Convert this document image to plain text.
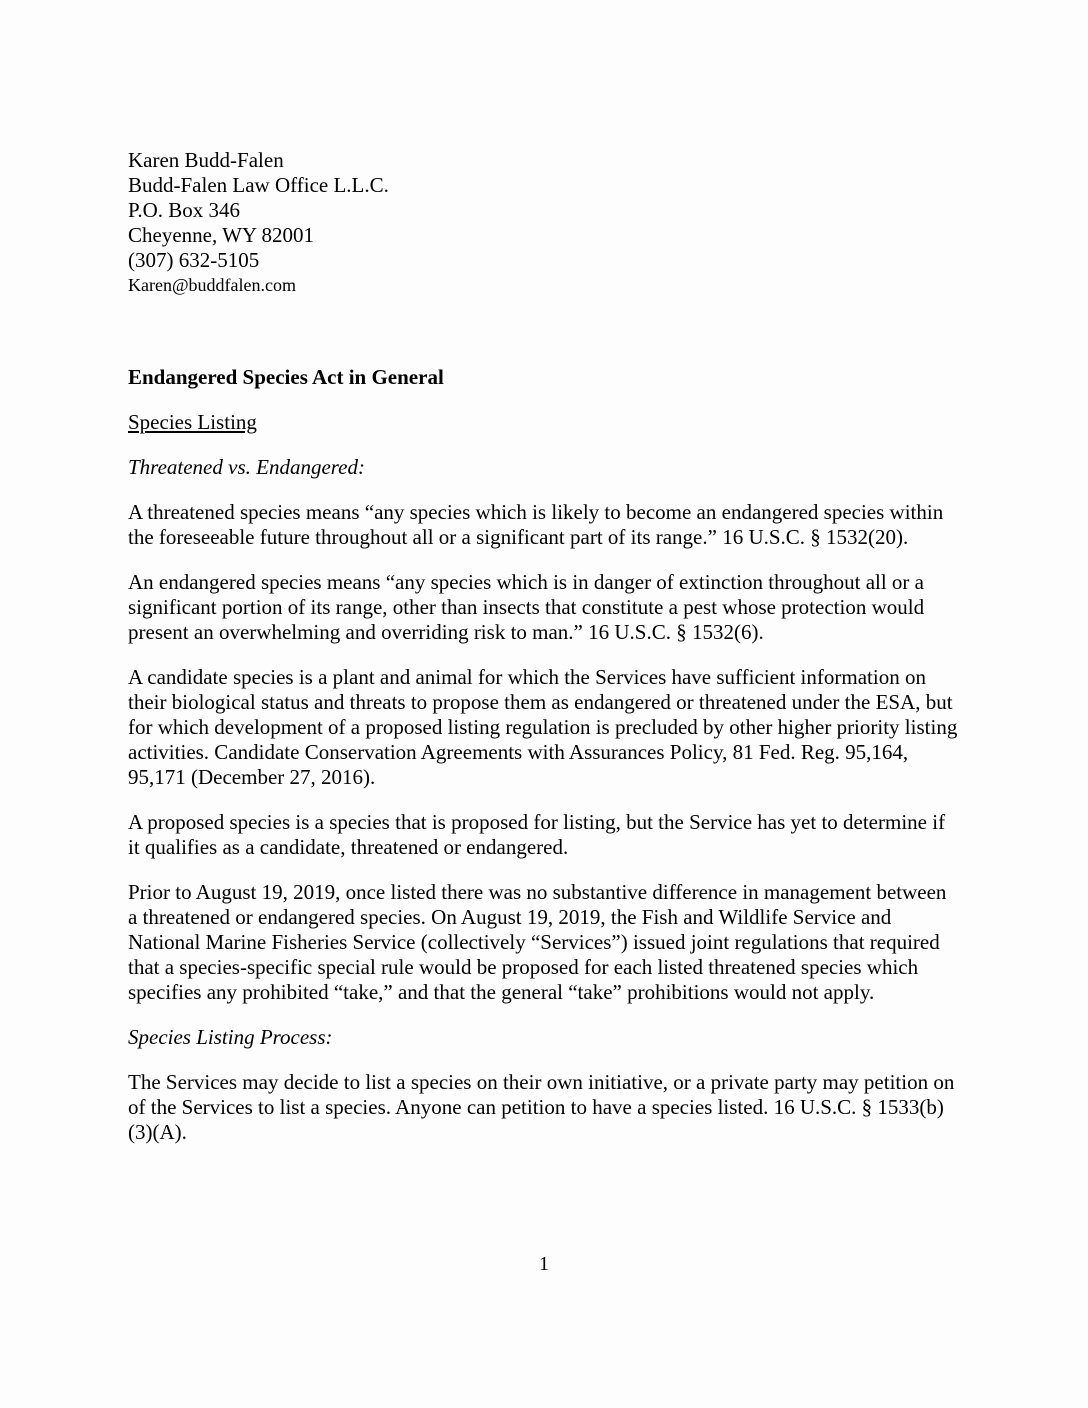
Karen Budd-Falen
Budd-Falen Law Office L.L.C.
P.O. Box 346
Cheyenne, WY 82001
(307) 632-5105
Karen@buddfalen.com
Endangered Species Act in General
Species Listing
Threatened vs. Endangered:

A threatened species means “any species which is likely to become an endangered species within the foreseeable future throughout all or a significant part of its range.” 16 U.S.C. § 1532(20).

An endangered species means “any species which is in danger of extinction throughout all or a significant portion of its range, other than insects that constitute a pest whose protection would present an overwhelming and overriding risk to man.” 16 U.S.C. § 1532(6).

A candidate species is a plant and animal for which the Services have sufficient information on their biological status and threats to propose them as endangered or threatened under the ESA, but for which development of a proposed listing regulation is precluded by other higher priority listing activities. Candidate Conservation Agreements with Assurances Policy, 81 Fed. Reg. 95,164, 95,171 (December 27, 2016).

A proposed species is a species that is proposed for listing, but the Service has yet to determine if it qualifies as a candidate, threatened or endangered.

Prior to August 19, 2019, once listed there was no substantive difference in management between a threatened or endangered species. On August 19, 2019, the Fish and Wildlife Service and National Marine Fisheries Service (collectively “Services”) issued joint regulations that required that a species-specific special rule would be proposed for each listed threatened species which specifies any prohibited “take,” and that the general “take” prohibitions would not apply.

Species Listing Process:

The Services may decide to list a species on their own initiative, or a private party may petition on of the Services to list a species. Anyone can petition to have a species listed. 16 U.S.C. § 1533(b)(3)(A).

1
